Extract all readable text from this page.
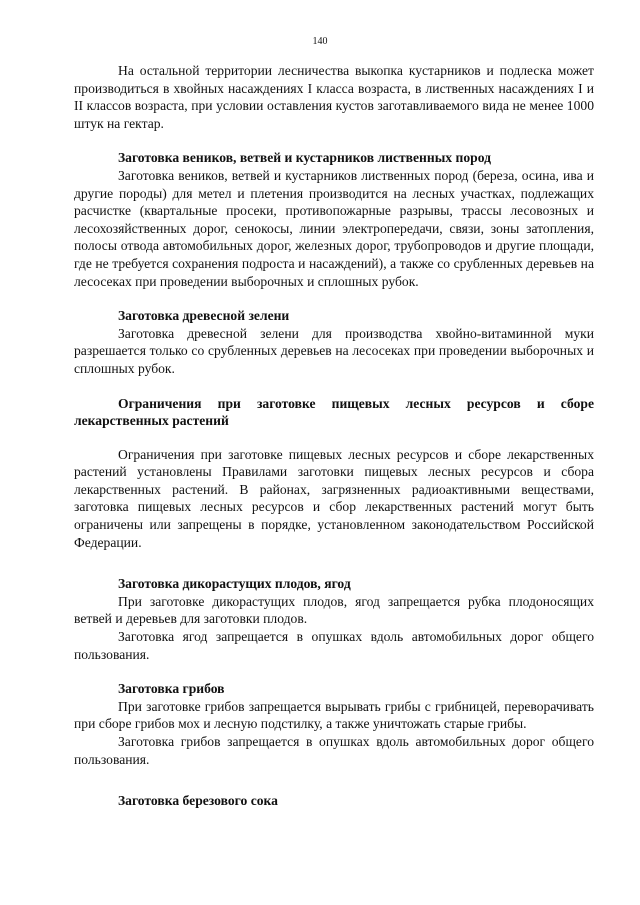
140

На остальной территории лесничества выкопка кустарников и подлеска может производиться в хвойных насаждениях I класса возраста, в лиственных насаждениях I и II классов возраста, при условии оставления кустов заготавливаемого вида не менее 1000 штук на гектар.

Заготовка веников, ветвей и кустарников лиственных пород

Заготовка веников, ветвей и кустарников лиственных пород (береза, осина, ива и другие породы) для метел и плетения производится на лесных участках, подлежащих расчистке (квартальные просеки, противопожарные разрывы, трассы лесовозных и лесохозяйственных дорог, сенокосы, линии электропередачи, связи, зоны затопления, полосы отвода автомобильных дорог, железных дорог, трубопроводов и другие площади, где не требуется сохранения подроста и насаждений), а также со срубленных деревьев на лесосеках при проведении выборочных и сплошных рубок.

Заготовка древесной зелени

Заготовка древесной зелени для производства хвойно-витаминной муки разрешается только со срубленных деревьев на лесосеках при проведении выборочных и сплошных рубок.

Ограничения при заготовке пищевых лесных ресурсов и сборе лекарственных растений

Ограничения при заготовке пищевых лесных ресурсов и сборе лекарственных растений установлены Правилами заготовки пищевых лесных ресурсов и сбора лекарственных растений. В районах, загрязненных радиоактивными веществами, заготовка пищевых лесных ресурсов и сбор лекарственных растений могут быть ограничены или запрещены в порядке, установленном законодательством Российской Федерации.

Заготовка дикорастущих плодов, ягод

При заготовке дикорастущих плодов, ягод запрещается рубка плодоносящих ветвей и деревьев для заготовки плодов.

Заготовка ягод запрещается в опушках вдоль автомобильных дорог общего пользования.

Заготовка грибов

При заготовке грибов запрещается вырывать грибы с грибницей, переворачивать при сборе грибов мох и лесную подстилку, а также уничтожать старые грибы.

Заготовка грибов запрещается в опушках вдоль автомобильных дорог общего пользования.

Заготовка березового сока
